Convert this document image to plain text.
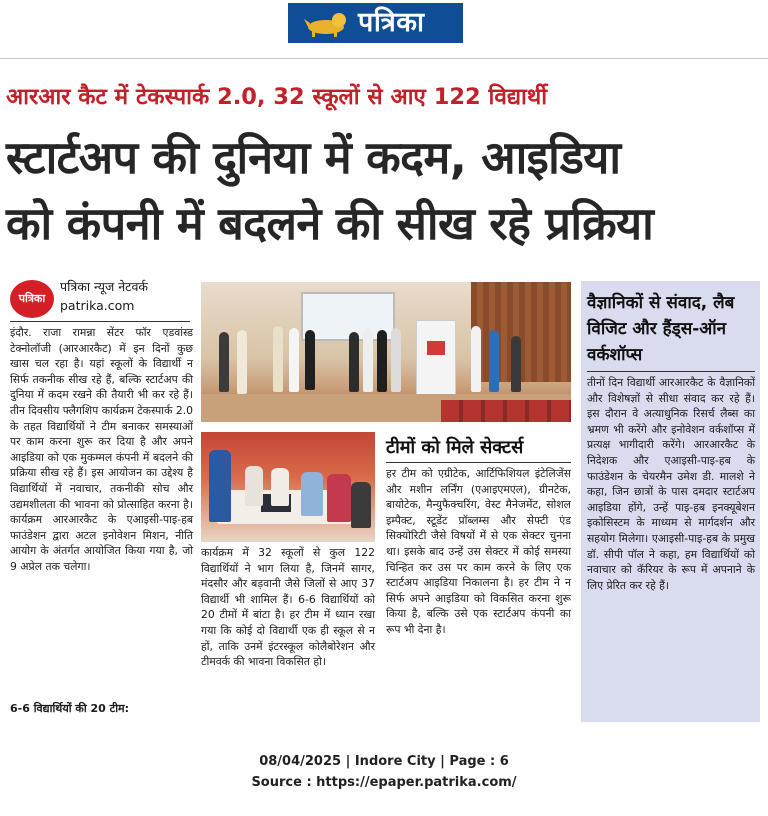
पत्रिका
आरआर कैट में टेकस्पार्क 2.0, 32 स्कूलों से आए 122 विद्यार्थी
स्टार्टअप की दुनिया में कदम, आइडिया
को कंपनी में बदलने की सीख रहे प्रक्रिया
पत्रिका
पत्रिका न्यूज नेटवर्क
patrika.com
इंदौर. राजा रामन्ना सेंटर फॉर एडवांस्ड टेक्नोलॉजी (आरआरकैट) में इन दिनों कुछ खास चल रहा है। यहां स्कूलों के विद्यार्थी न सिर्फ तकनीक सीख रहे हैं, बल्कि स्टार्टअप की दुनिया में कदम रखने की तैयारी भी कर रहे हैं। तीन दिवसीय फ्लैगशिप कार्यक्रम टेकस्पार्क 2.0 के तहत विद्यार्थियों ने टीम बनाकर समस्याओं पर काम करना शुरू कर दिया है और अपने आइडिया को एक मुकम्मल कंपनी में बदलने की प्रक्रिया सीख रहे हैं। इस आयोजन का उद्देश्य है विद्यार्थियों में नवाचार, तकनीकी सोच और उद्यमशीलता की भावना को प्रोत्साहित करना है। कार्यक्रम आरआरकैट के एआइसी-पाइ-हब फाउंडेशन द्वारा अटल इनोवेशन मिशन, नीति आयोग के अंतर्गत आयोजित किया गया है, जो 9 अप्रेल तक चलेगा।
6-6 विद्यार्थियों की 20 टीम:
कार्यक्रम में 32 स्कूलों से कुल 122 विद्यार्थियों ने भाग लिया है, जिनमें सागर, मंदसौर और बड़वानी जैसे जिलों से आए 37 विद्यार्थी भी शामिल हैं। 6-6 विद्यार्थियों को 20 टीमों में बांटा है। हर टीम में ध्यान रखा गया कि कोई दो विद्यार्थी एक ही स्कूल से न हों, ताकि उनमें इंटरस्कूल कोलैबोरेशन और टीमवर्क की भावना विकसित हो।
टीमों को मिले सेक्टर्स
हर टीम को एग्रीटेक, आर्टिफिशियल इंटेलिजेंस और मशीन लर्निंग (एआइएमएल), ग्रीनटेक, बायोटेक, मैन्युफैक्चरिंग, वेस्ट मैनेजमेंट, सोशल इम्पैक्ट, स्टूडेंट प्रॉब्लम्स और सेफ्टी एंड सिक्योरिटी जैसे विषयों में से एक सेक्टर चुनना था। इसके बाद उन्हें उस सेक्टर में कोई समस्या चिन्हित कर उस पर काम करने के लिए एक स्टार्टअप आइडिया निकालना है। हर टीम ने न सिर्फ अपने आइडिया को विकसित करना शुरू किया है, बल्कि उसे एक स्टार्टअप कंपनी का रूप भी देना है।
वैज्ञानिकों से संवाद, लैब विजिट और हैंड्स-ऑन वर्कशॉप्स
तीनों दिन विद्यार्थी आरआरकैट के वैज्ञानिकों और विशेषज्ञों से सीधा संवाद कर रहे हैं। इस दौरान वे अत्याधुनिक रिसर्च लैब्स का भ्रमण भी करेंगे और इनोवेशन वर्कशॉप्स में प्रत्यक्ष भागीदारी करेंगे। आरआरकैट के निदेशक और एआइसी-पाइ-हब के फाउंडेशन के चेयरमैन उमेश डी. मालशे ने कहा, जिन छात्रों के पास दमदार स्टार्टअप आइडिया होंगे, उन्हें पाइ-हब इनक्यूबेशन इकोसिस्टम के माध्यम से मार्गदर्शन और सहयोग मिलेगा। एआइसी-पाइ-हब के प्रमुख डॉ. सीपी पॉल ने कहा, हम विद्यार्थियों को नवाचार को कॅरियर के रूप में अपनाने के लिए प्रेरित कर रहे हैं।
08/04/2025 | Indore City | Page : 6
Source : https://epaper.patrika.com/
